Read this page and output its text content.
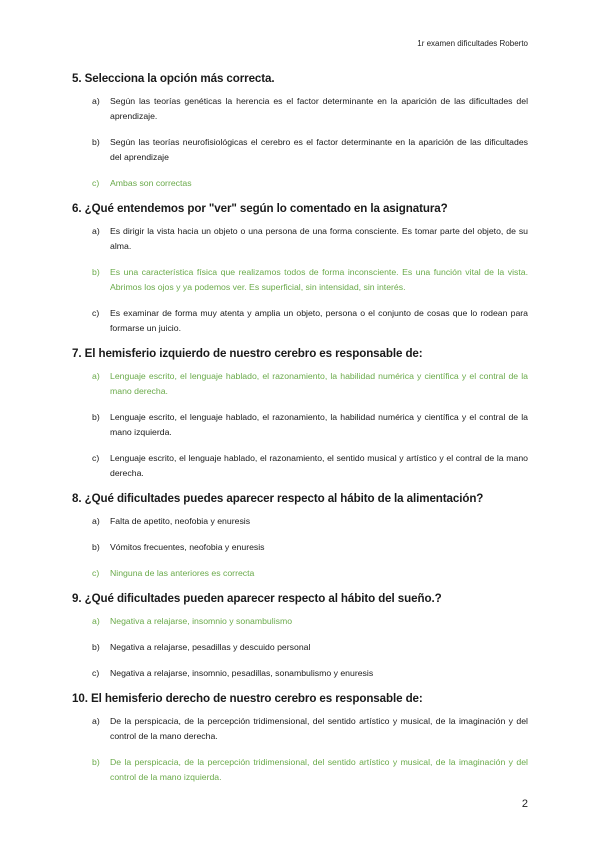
1r examen dificultades Roberto

5. Selecciona la opción más correcta.

a)	Según las teorías genéticas la herencia es el factor determinante en la aparición de las dificultades del aprendizaje.
b)	Según las teorías neurofisiológicas el cerebro es el factor determinante en la aparición de las dificultades del aprendizaje
c)	Ambas son correctas

6. ¿Qué entendemos por "ver" según lo comentado en la asignatura?

a)	Es dirigir la vista hacia un objeto o una persona de una forma consciente. Es tomar parte del objeto, de su alma.
b)	Es una característica física que realizamos todos de forma inconsciente. Es una función vital de la vista. Abrimos los ojos y ya podemos ver. Es superficial, sin intensidad, sin interés.
c)	Es examinar de forma muy atenta y amplia un objeto, persona o el conjunto de cosas que lo rodean para formarse un juicio.

7. El hemisferio izquierdo de nuestro cerebro es responsable de:

a)	Lenguaje escrito, el lenguaje hablado, el razonamiento, la habilidad numérica y científica y el contral de la mano derecha.
b)	Lenguaje escrito, el lenguaje hablado, el razonamiento, la habilidad numérica y científica y el contral de la mano izquierda.
c)	Lenguaje escrito, el lenguaje hablado, el razonamiento, el sentido musical y artístico y el contral de la mano derecha.

8. ¿Qué dificultades puedes aparecer respecto al hábito de la alimentación?

a)	Falta de apetito, neofobia y enuresis
b)	Vómitos frecuentes, neofobia y enuresis
c)	Ninguna de las anteriores es correcta

9. ¿Qué dificultades pueden aparecer respecto al hábito del sueño.?

a)	Negativa a relajarse, insomnio y sonambulismo
b)	Negativa a relajarse, pesadillas y descuido personal
c)	Negativa a relajarse, insomnio, pesadillas, sonambulismo y enuresis

10. El hemisferio derecho de nuestro cerebro es responsable de:

a)	De la perspicacia, de la percepción tridimensional, del sentido artístico y musical, de la imaginación y del control de la mano derecha.
b)	De la perspicacia, de la percepción tridimensional, del sentido artístico y musical, de la imaginación y del control de la mano izquierda.
2
